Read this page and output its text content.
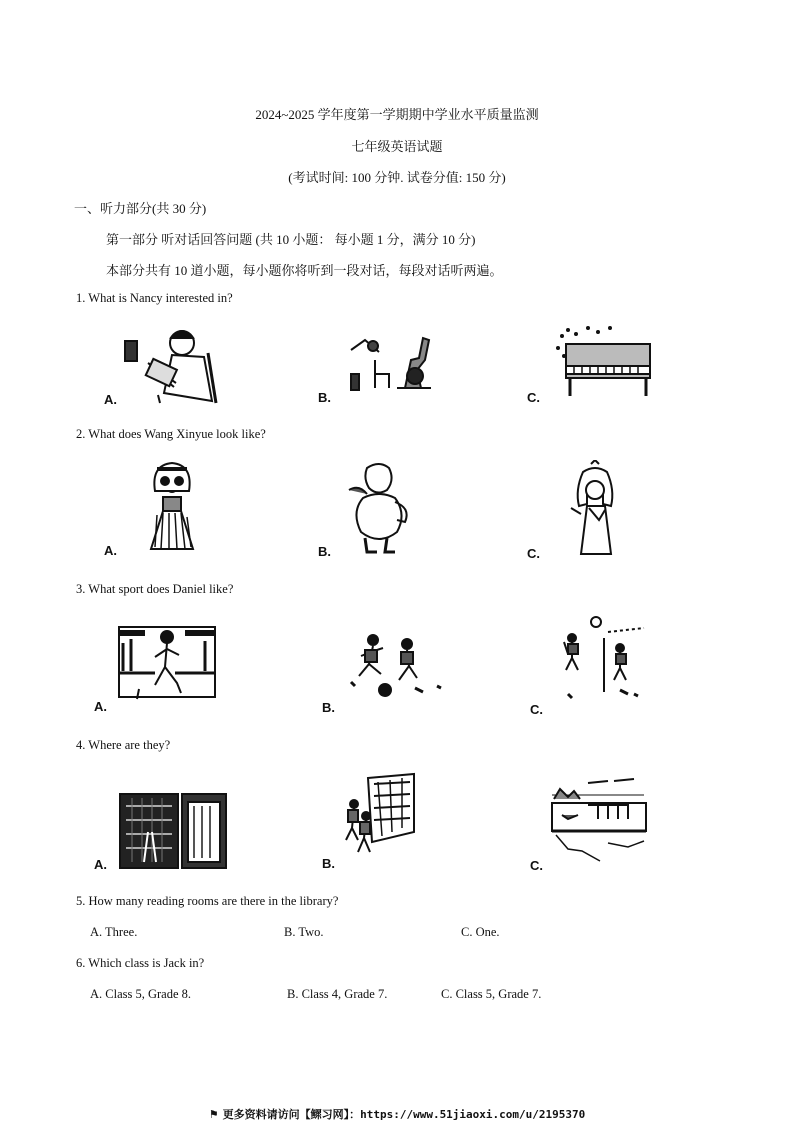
2024~2025 学年度第一学期期中学业水平质量监测
七年级英语试题
(考试时间: 100 分钟. 试卷分值: 150 分)
一、听力部分(共 30 分)
第一部分 听对话回答问题 (共 10 小题： 每小题 1 分，满分 10 分)
本部分共有 10 道小题，每小题你将听到一段对话，每段对话听两遍。
1. What is Nancy interested in?
A.	B.	C.
2. What does Wang Xinyue look like?
A.	B.	C.
3. What sport does Daniel like?
A.	B.	C.
4. Where are they?
A.	B.	C.
5. How many reading rooms are there in the library?
A. Three.	B. Two.	C. One.
6. Which class is Jack in?
A. Class 5, Grade 8.	B. Class 4, Grade 7.	C. Class 5, Grade 7.
⚑ 更多资料请访问【鳏习网】：https://www.51jiaoxi.com/u/2195370
